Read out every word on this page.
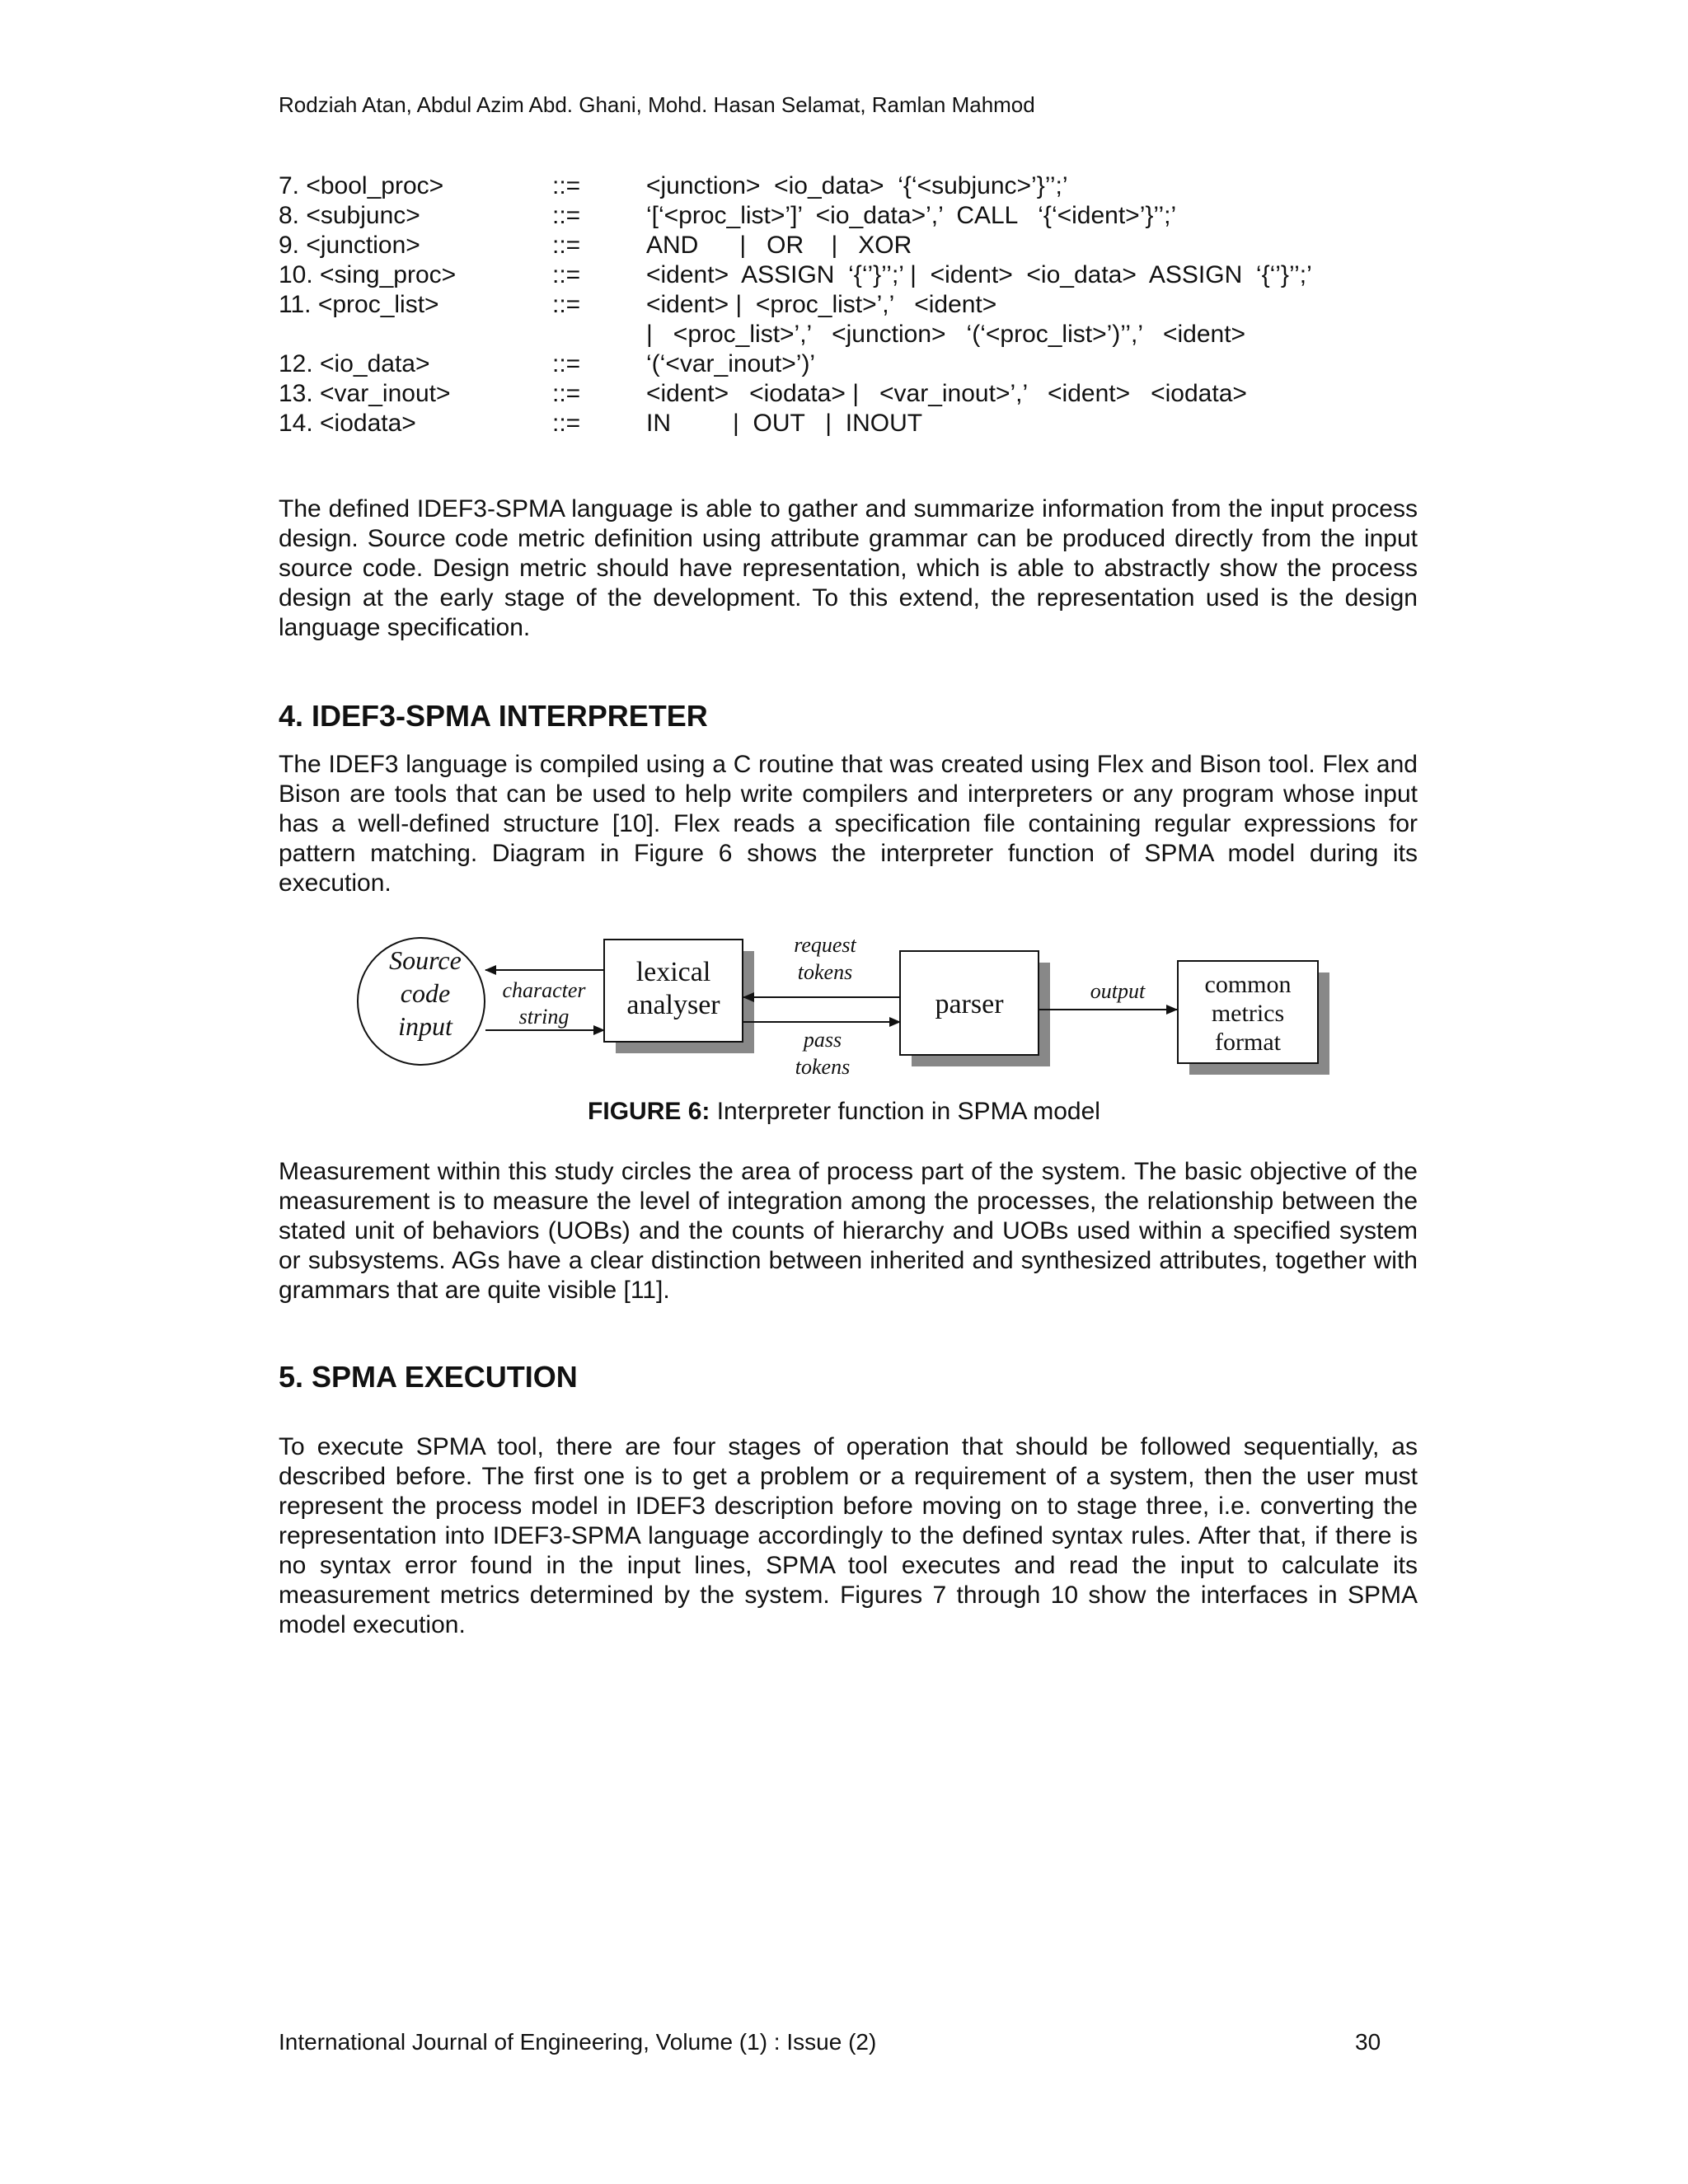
Rodziah Atan, Abdul Azim Abd. Ghani, Mohd. Hasan Selamat, Ramlan Mahmod
7. <bool_proc>	::=	<junction>  <io_data>  ‘{‘<subjunc>’}’’;’
8. <subjunc>	::=	‘[‘<proc_list>’]’  <io_data>’,’  CALL   ‘{‘<ident>’}’’;’
9. <junction>	::=	AND      |   OR    |   XOR
10. <sing_proc>	::=	<ident>  ASSIGN  ‘{‘’}’’;’ |  <ident>  <io_data>  ASSIGN  ‘{‘’}’’;’
11. <proc_list>	::=	<ident> |  <proc_list>’,’   <ident>
|   <proc_list>’,’   <junction>   ‘(‘<proc_list>’)’’,’   <ident>
12. <io_data>	::=	‘(‘<var_inout>’)’
13. <var_inout>	::=	<ident>   <iodata> |   <var_inout>’,’   <ident>   <iodata>
14. <iodata>	::=	IN         |  OUT   |  INOUT

The defined IDEF3-SPMA language is able to gather and summarize information from the input process design. Source code metric definition using attribute grammar can be produced directly from the input source code. Design metric should have representation, which is able to abstractly show the process design at the early stage of the development. To this extend, the representation used is the design language specification.

4. IDEF3-SPMA INTERPRETER

The IDEF3 language is compiled using a C routine that was created using Flex and Bison tool. Flex and Bison are tools that can be used to help write compilers and interpreters or any program whose input has a well-defined structure [10]. Flex reads a specification file containing regular expressions for pattern matching. Diagram in Figure 6 shows the interpreter function of SPMA model during its execution.

Source
code
input
character
string
lexical
analyser
request
tokens
pass
tokens
parser	output common
metrics
format
FIGURE 6: Interpreter function in SPMA model

Measurement within this study circles the area of process part of the system. The basic objective of the measurement is to measure the level of integration among the processes, the relationship between the stated unit of behaviors (UOBs) and the counts of hierarchy and UOBs used within a specified system or subsystems. AGs have a clear distinction between inherited and synthesized attributes, together with grammars that are quite visible [11].

5. SPMA EXECUTION

To execute SPMA tool, there are four stages of operation that should be followed sequentially, as described before. The first one is to get a problem or a requirement of a system, then the user must represent the process model in IDEF3 description before moving on to stage three, i.e. converting the representation into IDEF3-SPMA language accordingly to the defined syntax rules. After that, if there is no syntax error found in the input lines, SPMA tool executes and read the input to calculate its measurement metrics determined by the system. Figures 7 through 10 show the interfaces in SPMA model execution.

International Journal of Engineering, Volume (1) : Issue (2)	30
